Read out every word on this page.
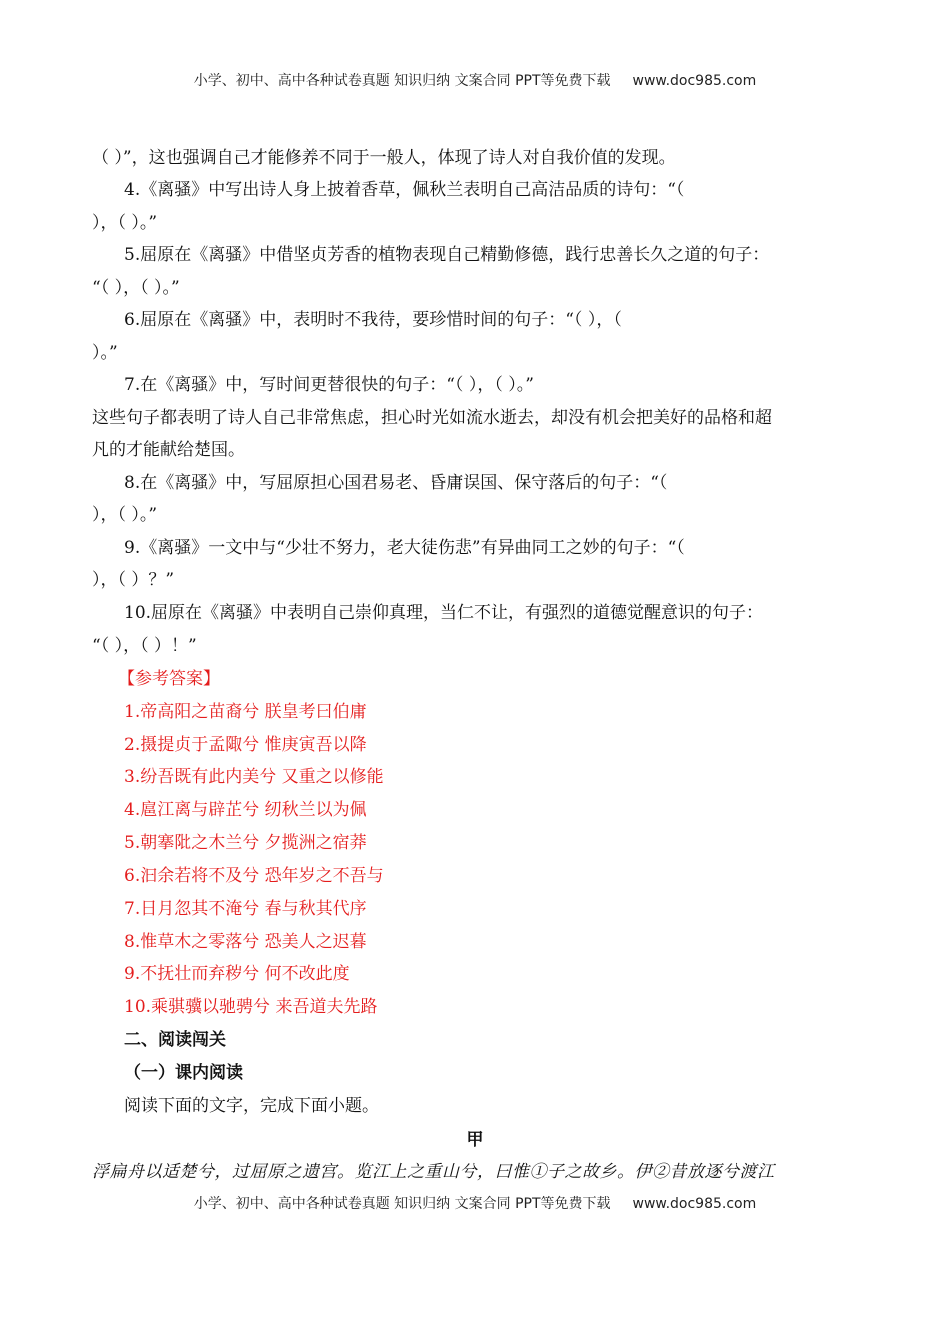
小学、初中、高中各种试卷真题 知识归纳 文案合同 PPT等免费下载 www.doc985.com
（ ）”，这也强调自己才能修养不同于一般人，体现了诗人对自我价值的发现。
4.《离骚》中写出诗人身上披着香草，佩秋兰表明自己高洁品质的诗句：“（
），（ ）。”
5.屈原在《离骚》中借坚贞芳香的植物表现自己精勤修德，践行忠善长久之道的句子：
“（ ），（ ）。”
6.屈原在《离骚》中，表明时不我待，要珍惜时间的句子：“（ ），（
）。”
7.在《离骚》中，写时间更替很快的句子：“（ ），（ ）。”
这些句子都表明了诗人自己非常焦虑，担心时光如流水逝去，却没有机会把美好的品格和超
凡的才能献给楚国。
8.在《离骚》中，写屈原担心国君易老、昏庸误国、保守落后的句子：“（
），（ ）。”
9.《离骚》一文中与“少壮不努力，老大徒伤悲”有异曲同工之妙的句子：“（
），（ ）？”
10.屈原在《离骚》中表明自己崇仰真理，当仁不让，有强烈的道德觉醒意识的句子：
“（ ），（ ）！”
【参考答案】
1.帝高阳之苗裔兮 朕皇考曰伯庸
2.摄提贞于孟陬兮 惟庚寅吾以降
3.纷吾既有此内美兮 又重之以修能
4.扈江离与辟芷兮 纫秋兰以为佩
5.朝搴阰之木兰兮 夕揽洲之宿莽
6.汩余若将不及兮 恐年岁之不吾与
7.日月忽其不淹兮 春与秋其代序
8.惟草木之零落兮 恐美人之迟暮
9.不抚壮而弃秽兮 何不改此度
10.乘骐骥以驰骋兮 来吾道夫先路
二、阅读闯关
（一）课内阅读
阅读下面的文字，完成下面小题。
甲
浮扁舟以适楚兮，过屈原之遗宫。览江上之重山兮，曰惟①子之故乡。伊②昔放逐兮渡江
小学、初中、高中各种试卷真题 知识归纳 文案合同 PPT等免费下载 www.doc985.com
